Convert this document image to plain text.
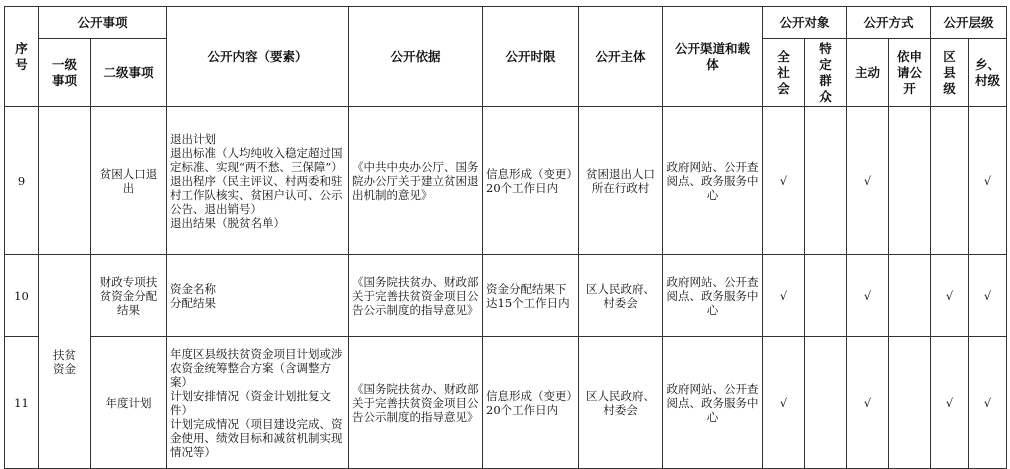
序号	公开事项		公开内容（要素）	公开依据	公开时限	公开主体	公开渠道和载体	公开对象		公开方式		公开层级	
	一级事项	二级事项						全社会	特定群众	主动	依申请公开	区县级	乡、村级
9		贫困人口退出	退出计划
退出标准（人均纯收入稳定超过国定标准、实现“两不愁、三保障”）
退出程序（民主评议、村两委和驻村工作队核实、贫困户认可、公示公告、退出销号）
退出结果（脱贫名单）	《中共中央办公厅、国务院办公厅关于建立贫困退出机制的意见》	信息形成（变更）20个工作日内	贫困退出人口所在行政村	政府网站、公开查阅点、政务服务中心	√		√			√
10	扶贫资金	财政专项扶贫资金分配结果	资金名称
分配结果	《国务院扶贫办、财政部关于完善扶贫资金项目公告公示制度的指导意见》	资金分配结果下达15个工作日内	区人民政府、村委会	政府网站、公开查阅点、政务服务中心	√		√		√	√
11		年度计划	年度区县级扶贫资金项目计划或涉农资金统筹整合方案（含调整方案）
计划安排情况（资金计划批复文件）
计划完成情况（项目建设完成、资金使用、绩效目标和减贫机制实现情况等）	《国务院扶贫办、财政部关于完善扶贫资金项目公告公示制度的指导意见》	信息形成（变更）20个工作日内	区人民政府、村委会	政府网站、公开查阅点、政务服务中心	√		√		√	√
